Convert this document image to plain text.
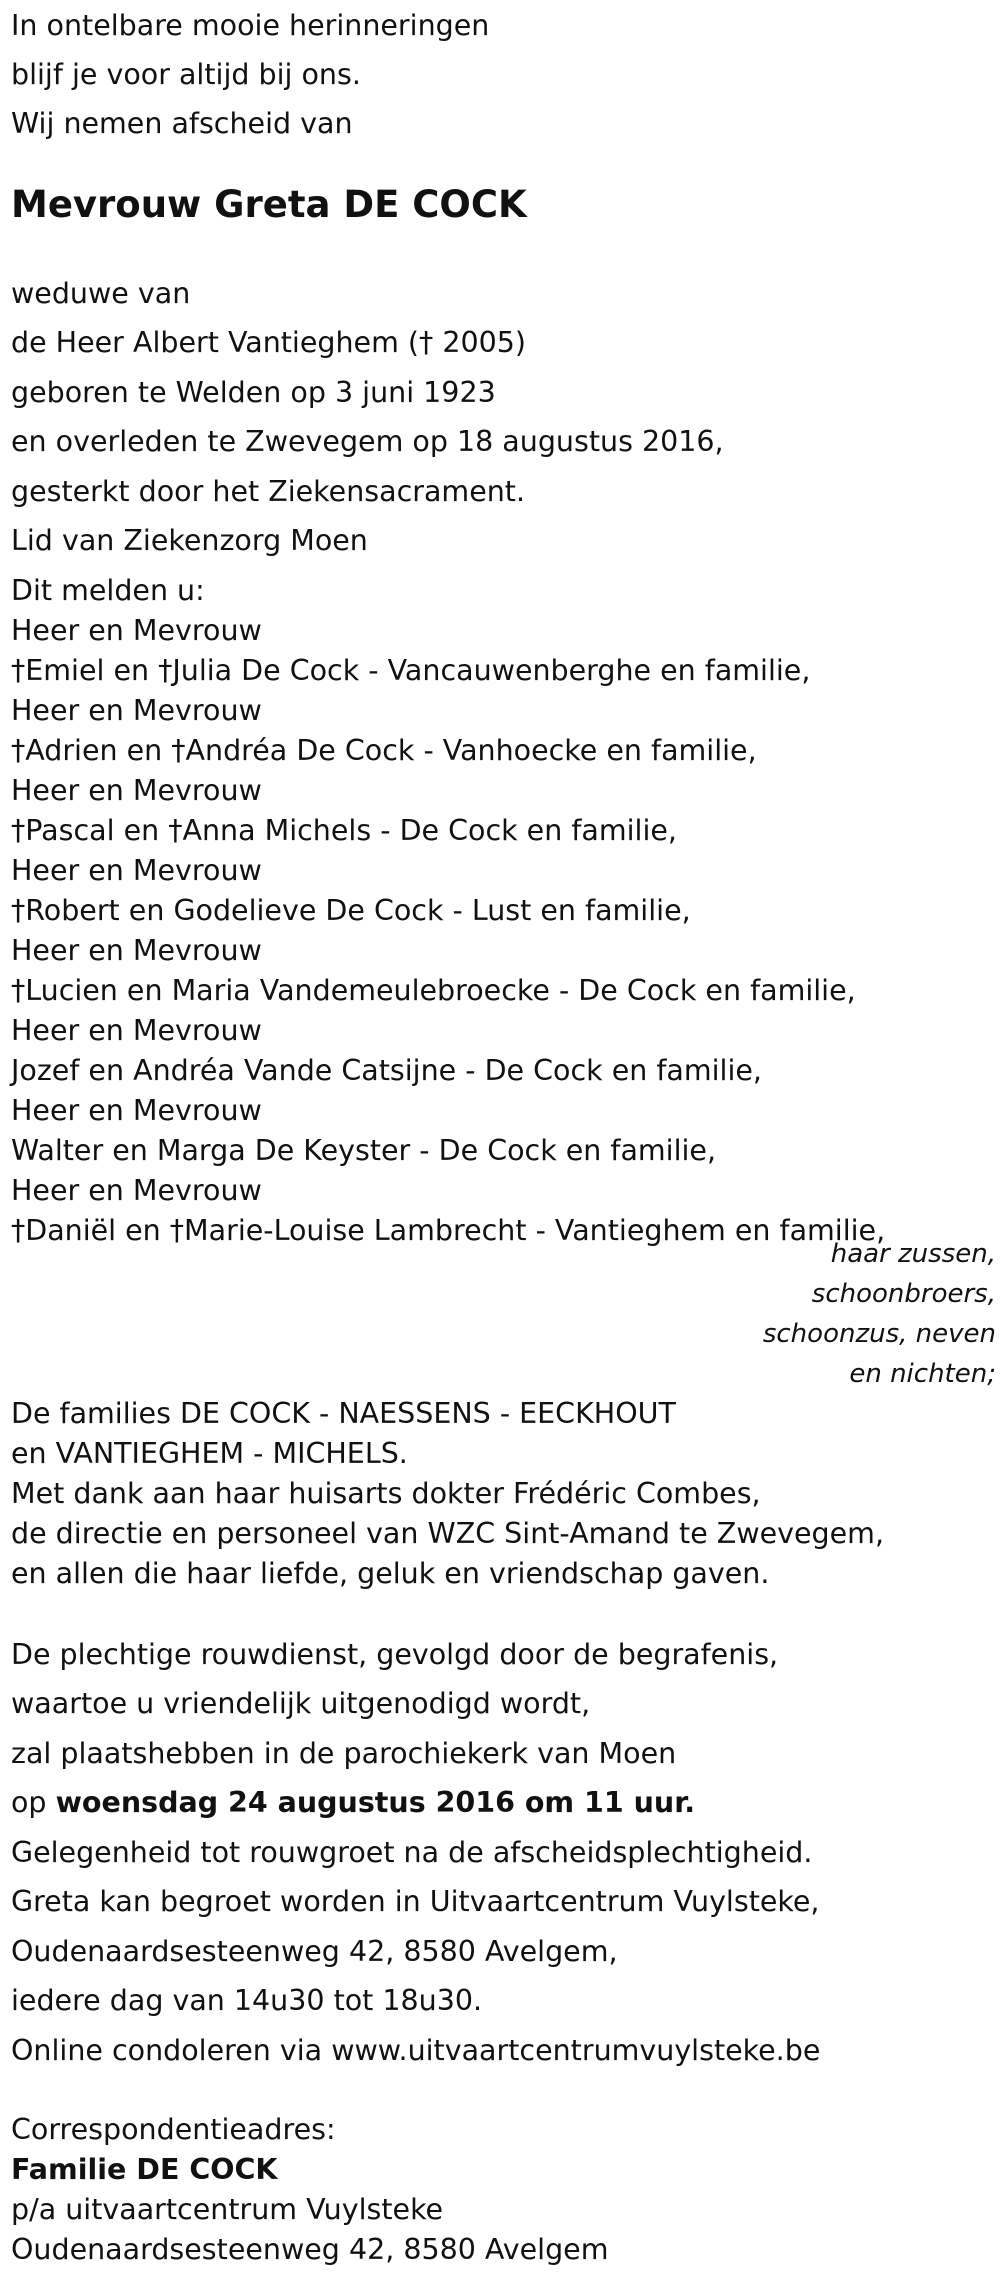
In ontelbare mooie herinneringen
blijf je voor altijd bij ons.
Wij nemen afscheid van
Mevrouw Greta DE COCK
weduwe van
de Heer Albert Vantieghem († 2005)
geboren te Welden op 3 juni 1923
en overleden te Zwevegem op 18 augustus 2016,
gesterkt door het Ziekensacrament.
Lid van Ziekenzorg Moen
Dit melden u:
Heer en Mevrouw
†Emiel en †Julia De Cock - Vancauwenberghe en familie,
Heer en Mevrouw
†Adrien en †Andréa De Cock - Vanhoecke en familie,
Heer en Mevrouw
†Pascal en †Anna Michels - De Cock en familie,
Heer en Mevrouw
†Robert en Godelieve De Cock - Lust en familie,
Heer en Mevrouw
†Lucien en Maria Vandemeulebroecke - De Cock en familie,
Heer en Mevrouw
Jozef en Andréa Vande Catsijne - De Cock en familie,
Heer en Mevrouw
Walter en Marga De Keyster - De Cock en familie,
Heer en Mevrouw
†Daniël en †Marie-Louise Lambrecht - Vantieghem en familie,
haar zussen,
schoonbroers,
schoonzus, neven
en nichten;
De families DE COCK - NAESSENS - EECKHOUT
en VANTIEGHEM - MICHELS.
Met dank aan haar huisarts dokter Frédéric Combes,
de directie en personeel van WZC Sint-Amand te Zwevegem,
en allen die haar liefde, geluk en vriendschap gaven.
De plechtige rouwdienst, gevolgd door de begrafenis,
waartoe u vriendelijk uitgenodigd wordt,
zal plaatshebben in de parochiekerk van Moen
op woensdag 24 augustus 2016 om 11 uur.
Gelegenheid tot rouwgroet na de afscheidsplechtigheid.
Greta kan begroet worden in Uitvaartcentrum Vuylsteke,
Oudenaardsesteenweg 42, 8580 Avelgem,
iedere dag van 14u30 tot 18u30.
Online condoleren via www.uitvaartcentrumvuylsteke.be
Correspondentieadres:
Familie DE COCK
p/a uitvaartcentrum Vuylsteke
Oudenaardsesteenweg 42, 8580 Avelgem
